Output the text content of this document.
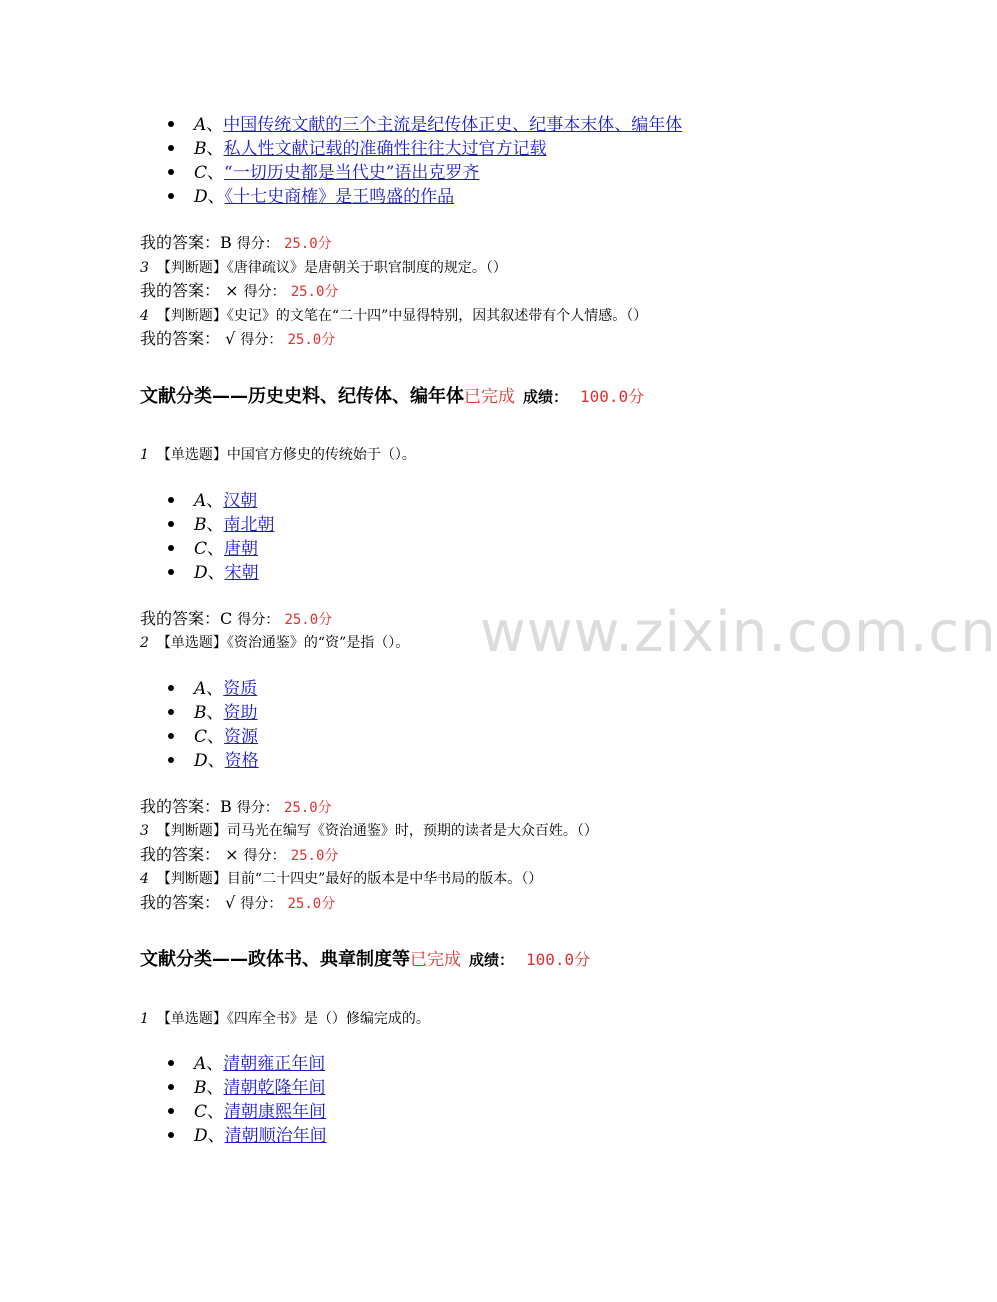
www.zixin.com.cn
A、中国传统文献的三个主流是纪传体正史、纪事本末体、编年体
B、私人性文献记载的准确性往往大过官方记载
C、“一切历史都是当代史”语出克罗齐
D、《十七史商榷》是王鸣盛的作品
我的答案：B 得分： 25.0分
3 【判断题】《唐律疏议》是唐朝关于职官制度的规定。（）
我的答案： × 得分： 25.0分
4 【判断题】《史记》的文笔在“二十四”中显得特别，因其叙述带有个人情感。（）
我的答案： √ 得分： 25.0分
文献分类——历史史料、纪传体、编年体已完成 成绩： 100.0分
1 【单选题】中国官方修史的传统始于（）。
A、汉朝
B、南北朝
C、唐朝
D、宋朝
我的答案：C 得分： 25.0分
2 【单选题】《资治通鉴》的“资”是指（）。
A、资质
B、资助
C、资源
D、资格
我的答案：B 得分： 25.0分
3 【判断题】司马光在编写《资治通鉴》时，预期的读者是大众百姓。（）
我的答案： × 得分： 25.0分
4 【判断题】目前“二十四史”最好的版本是中华书局的版本。（）
我的答案： √ 得分： 25.0分
文献分类——政体书、典章制度等已完成 成绩： 100.0分
1 【单选题】《四库全书》是（）修编完成的。
A、清朝雍正年间
B、清朝乾隆年间
C、清朝康熙年间
D、清朝顺治年间
